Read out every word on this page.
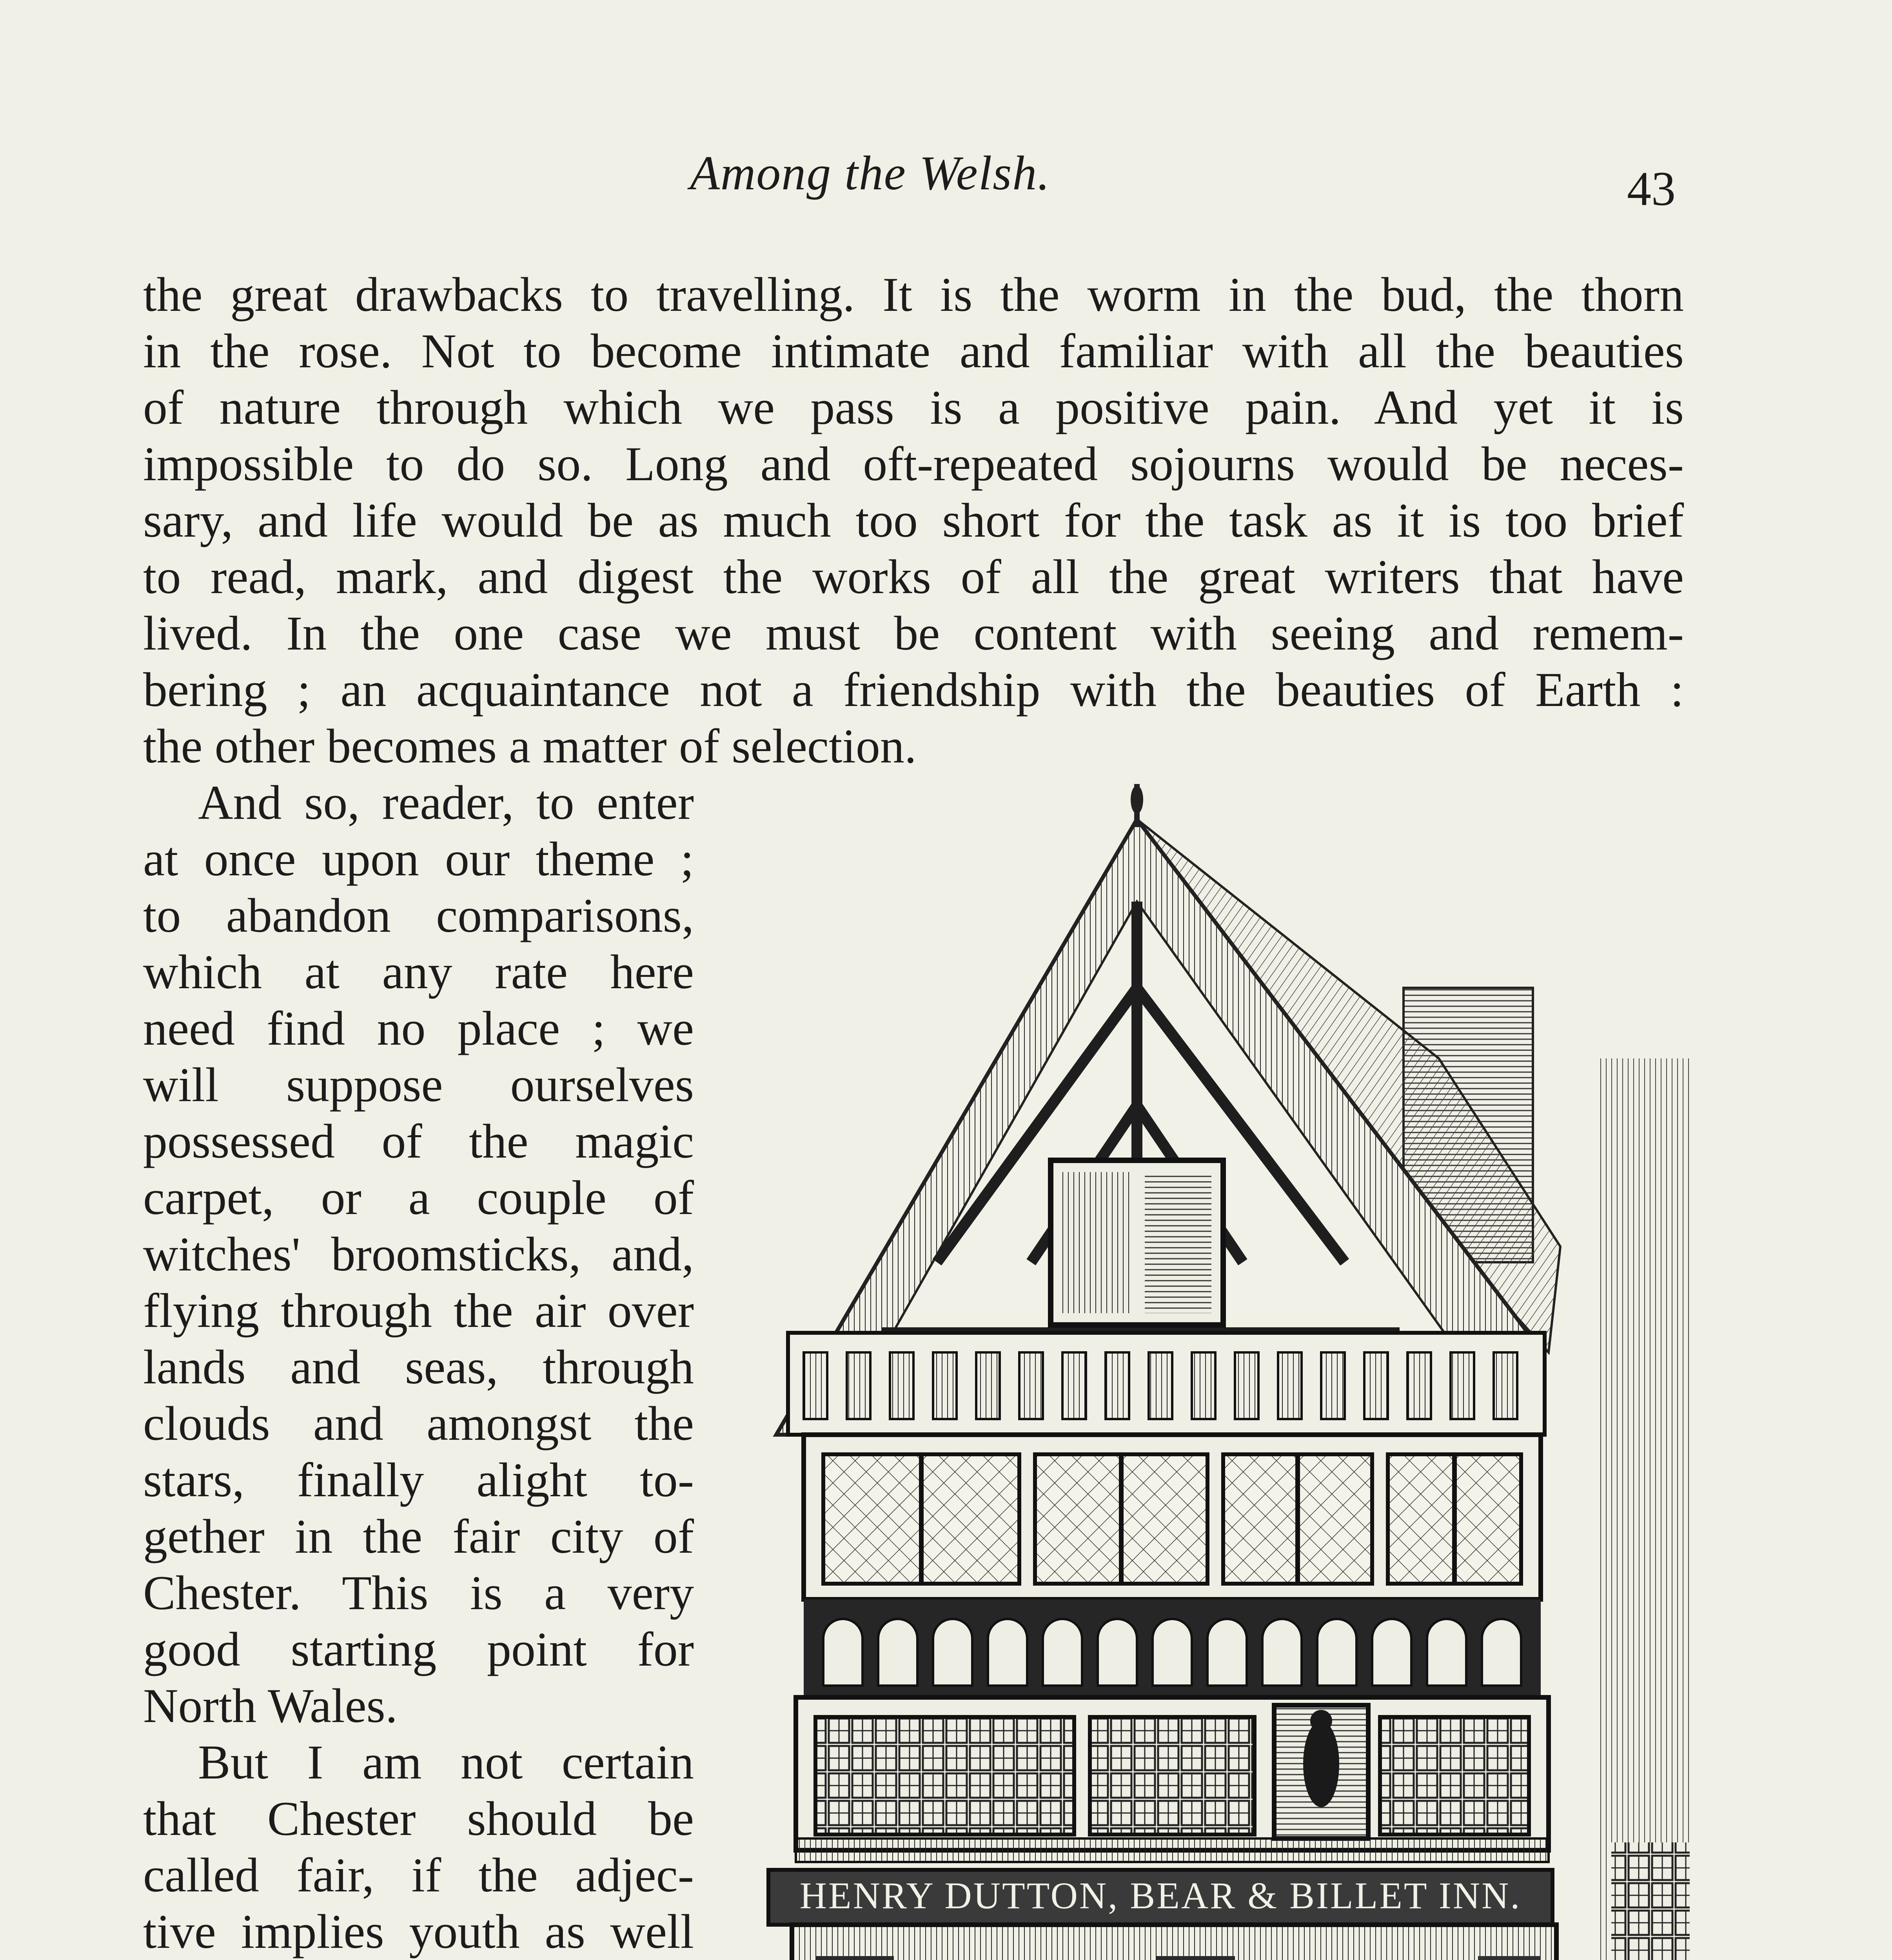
Among the Welsh.	43
the great drawbacks to travelling. It is the worm in the bud, the thorn
in the rose. Not to become intimate and familiar with all the beauties
of nature through which we pass is a positive pain. And yet it is
impossible to do so. Long and oft-repeated sojourns would be neces-
sary, and life would be as much too short for the task as it is too brief
to read, mark, and digest the works of all the great writers that have
lived. In the one case we must be content with seeing and remem-
bering ; an acquaintance not a friendship with the beauties of Earth :
the other becomes a matter of selection.
And so, reader, to enter
at once upon our theme ;
to abandon comparisons,
which at any rate here
need find no place ; we
will suppose ourselves
possessed of the magic
carpet, or a couple of
witches' broomsticks, and,
flying through the air over
lands and seas, through
clouds and amongst the
stars, finally alight to-
gether in the fair city of
Chester. This is a very
good starting point for
North Wales.
But I am not certain
that Chester should be
called fair, if the adjec-
tive implies youth as well
HENRY DUTTON, BEAR & BILLET INN.
